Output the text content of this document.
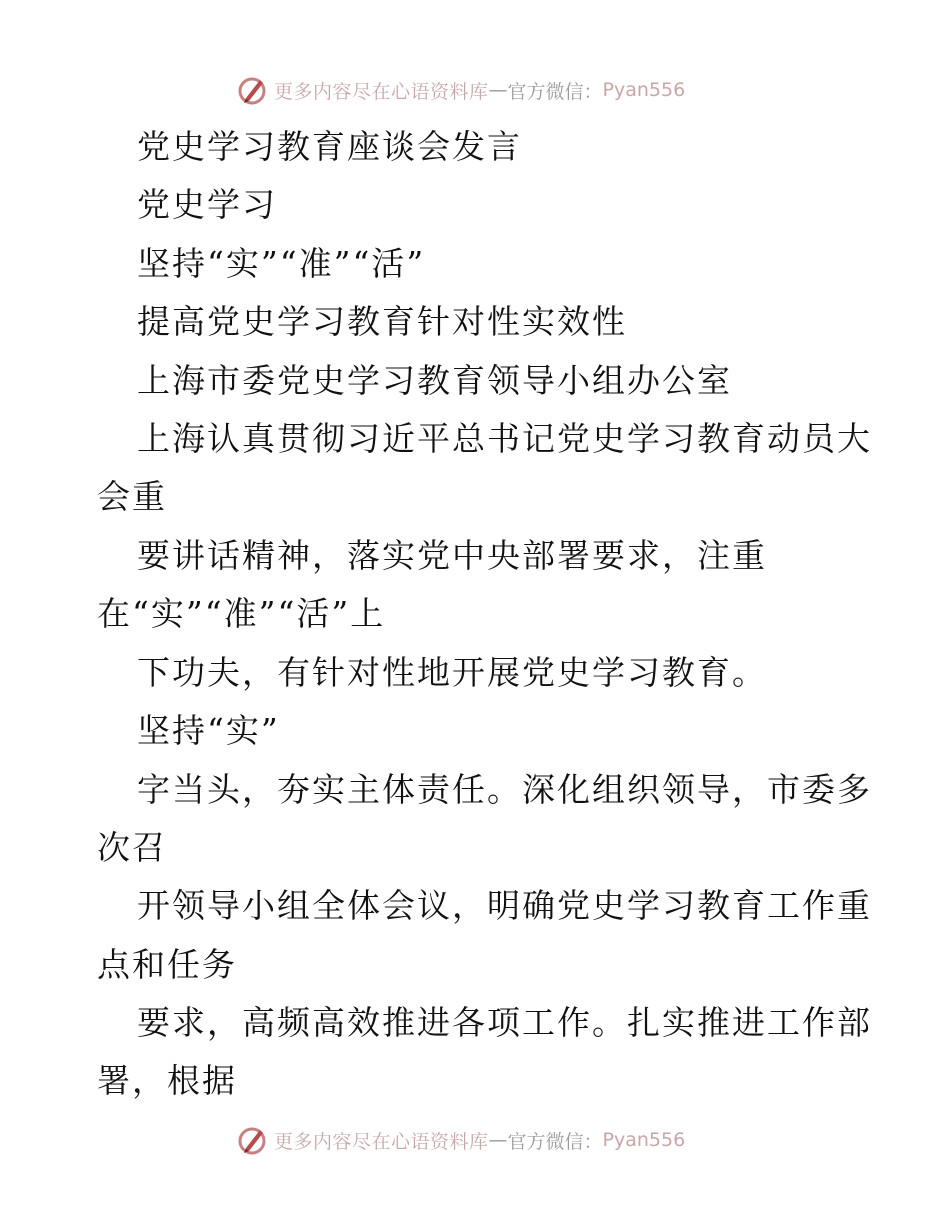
更多内容尽在心语资料库 — 官方微信： Pyan556
党史学习教育座谈会发言
党史学习
坚持“实”“准”“活”
提高党史学习教育针对性实效性
上海市委党史学习教育领导小组办公室
上海认真贯彻习近平总书记党史学习教育动员大
会重
要讲话精神，落实党中央部署要求，注重
在“实”“准”“活”上
下功夫，有针对性地开展党史学习教育。
坚持“实”
字当头，夯实主体责任。深化组织领导，市委多
次召
开领导小组全体会议，明确党史学习教育工作重
点和任务
要求，高频高效推进各项工作。扎实推进工作部
署，根据
更多内容尽在心语资料库 — 官方微信： Pyan556
